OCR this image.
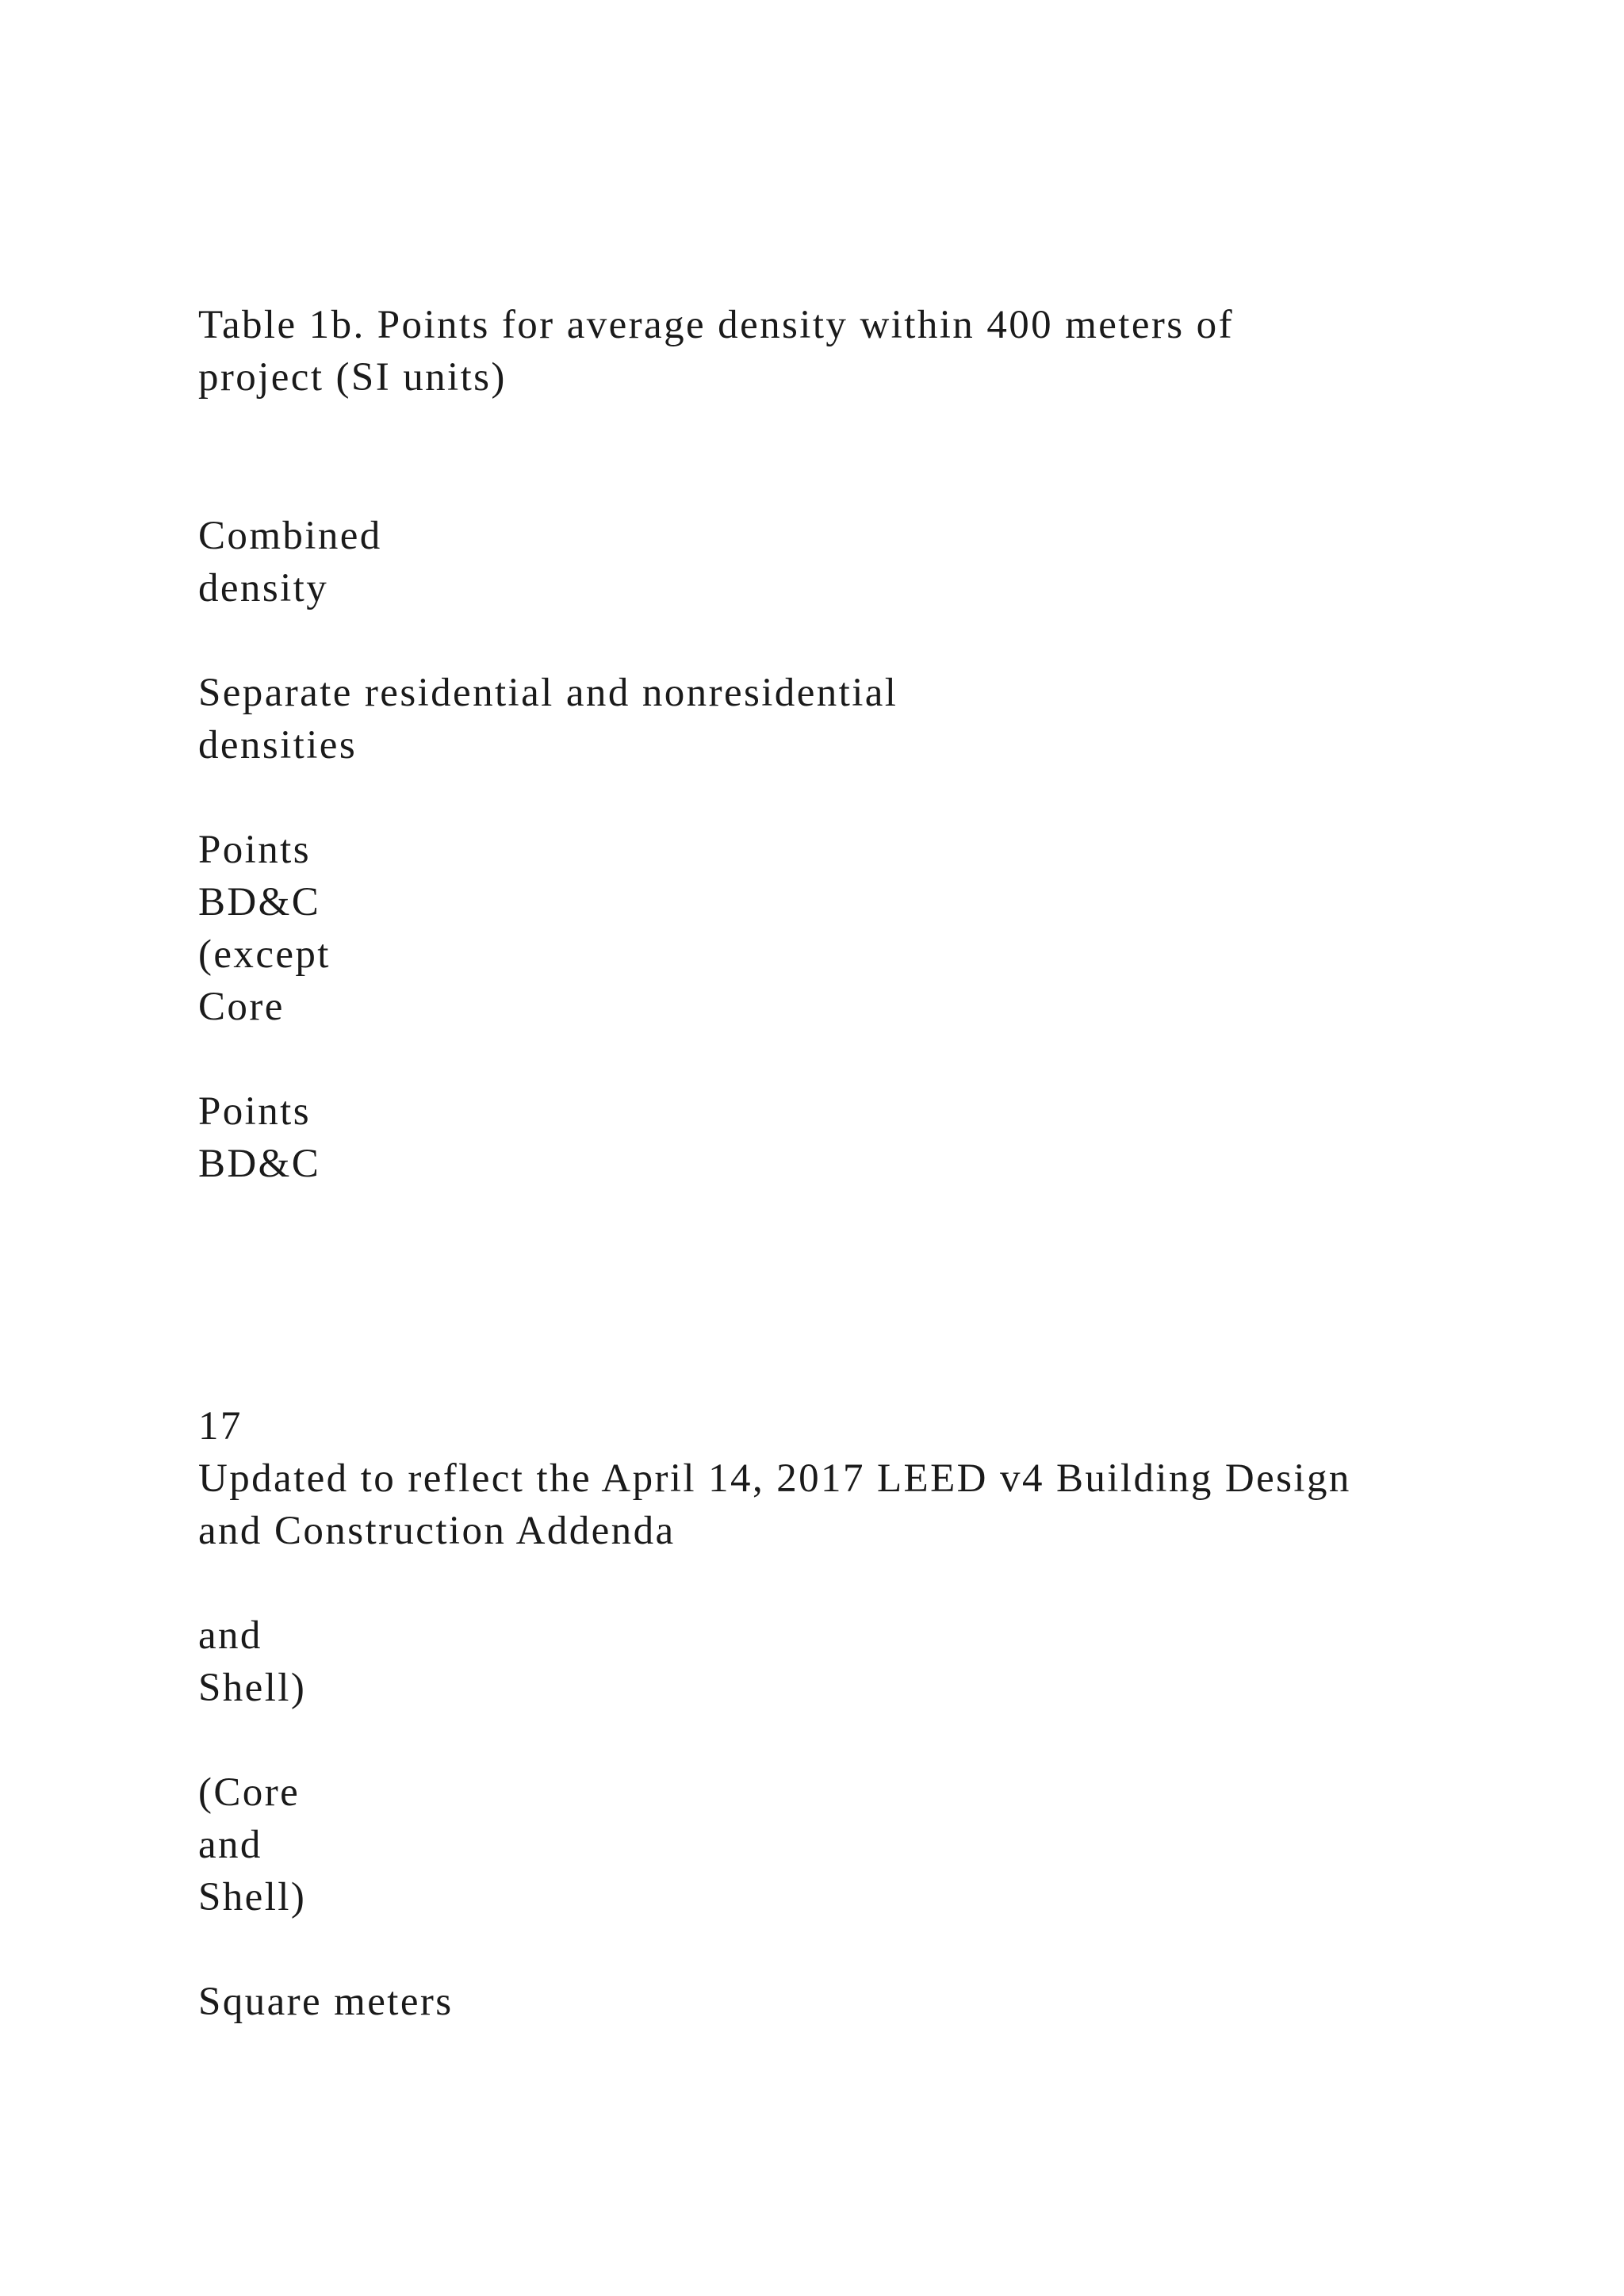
Table 1b. Points for average density within 400 meters of

project (SI units)

Combined

density

Separate residential and nonresidential

densities

Points

BD&C

(except

Core

Points

BD&C

17

Updated to reflect the April 14, 2017 LEED v4 Building Design

and Construction Addenda

and

Shell)

(Core

and

Shell)

Square meters
